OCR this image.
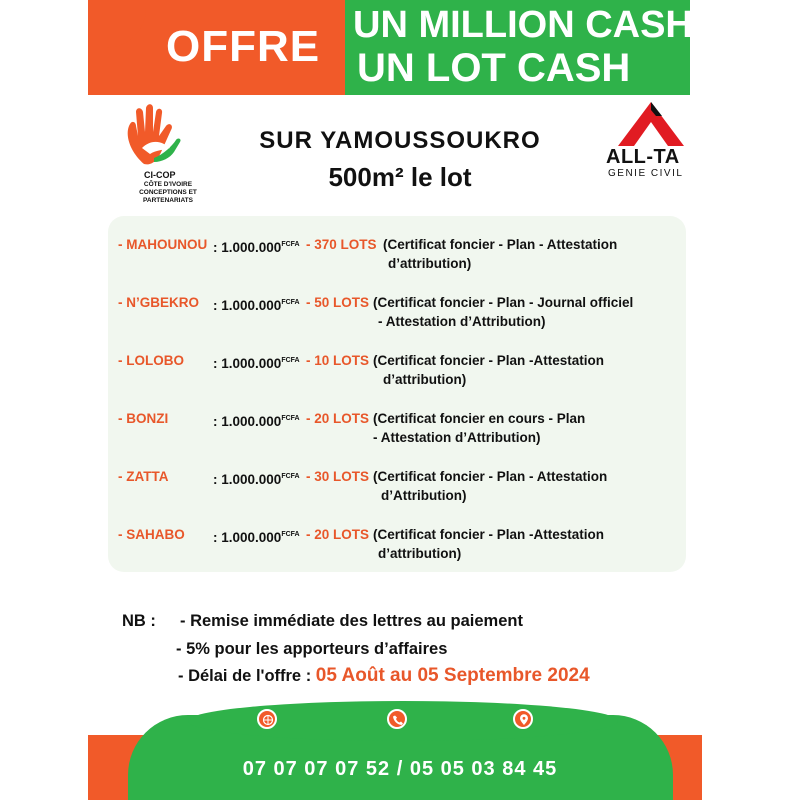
OFFRE UN MILLION CASH
UN LOT CASH
CI-COP
CÔTE D'IVOIRE
CONCEPTIONS ET PARTENARIATS
ALL-TA
GENIE CIVIL
SUR YAMOUSSOUKRO
500m² le lot
- MAHOUNOU : $1.000.000^{FCFA} - 370$ LOTS (Certificat foncier - Plan - Attestation
d’attribution)
- N’GBEKRO : $1.000.000^{FCFA} - 50$ LOTS (Certificat foncier - Plan - Journal officiel
- Attestation d’Attribution)
- LOLOBO : $1.000.000^{FCFA} - 10$ LOTS (Certificat foncier - Plan -Attestation
d’attribution)
- BONZI	: $1.000.000^{FCFA} - 20$ LOTS (Certificat foncier en cours - Plan
- Attestation d’Attribution)
- ZATTA	: $1.000.000^{FCFA} - 30$ LOTS (Certificat foncier - Plan - Attestation
d’Attribution)
- SAHABO : $1.000.000^{FCFA} - 20$ LOTS (Certificat foncier - Plan -Attestation
d’attribution)
NB : - Remise immédiate des lettres au paiement
- 5% pour les apporteurs d’affaires
- Délai de l'offre : 05 Août au 05 Septembre 2024
07 07 07 07 52 / 05 05 03 84 45
